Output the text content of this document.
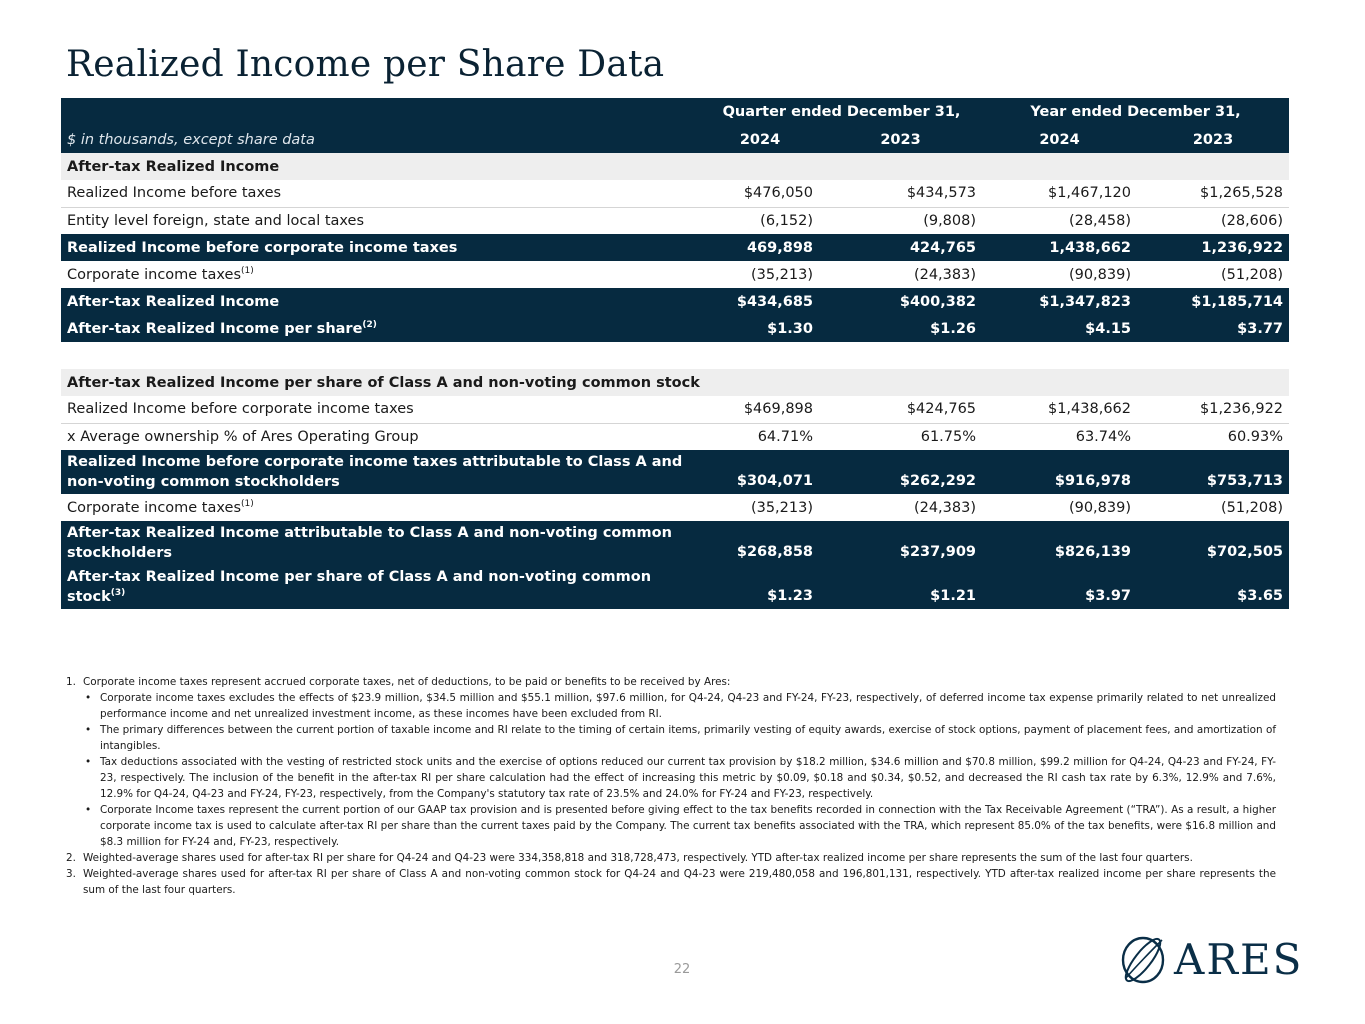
Realized Income per Share Data
	Quarter ended December 31,		Year ended December 31,	
$ in thousands, except share data	2024	2023	2024	2023
After-tax Realized Income				
Realized Income before taxes	$476,050	$434,573	$1,467,120	$1,265,528
Entity level foreign, state and local taxes	(6,152)	(9,808)	(28,458)	(28,606)
Realized Income before corporate income taxes	469,898	424,765	1,438,662	1,236,922
Corporate income taxes$^{(1)}$	(35,213)	(24,383)	(90,839)	(51,208)
After-tax Realized Income	$434,685	$400,382	$1,347,823	$1,185,714
After-tax Realized Income per share$^{(2)}$	$1.30	$1.26	$4.15	$3.77

After-tax Realized Income per share of Class A and non-voting common stock				
Realized Income before corporate income taxes	$469,898	$424,765	$1,438,662	$1,236,922
x Average ownership % of Ares Operating Group	64.71%	61.75%	63.74%	60.93%
Realized Income before corporate income taxes attributable to Class A and non-voting common stockholders	$304,071	$262,292	$916,978	$753,713
Corporate income taxes$^{(1)}$	(35,213)	(24,383)	(90,839)	(51,208)
After-tax Realized Income attributable to Class A and non-voting common stockholders	$268,858	$237,909	$826,139	$702,505
After-tax Realized Income per share of Class A and non-voting common stock$^{(3)}$	$1.23	$1.21	$3.97	$3.65
1. Corporate income taxes represent accrued corporate taxes, net of deductions, to be paid or benefits to be received by Ares:
• Corporate income taxes excludes the effects of $23.9 million, $34.5 million and $55.1 million, $97.6 million, for Q4-24, Q4-23 and FY-24, FY-23, respectively, of deferred income tax expense primarily related to net unrealized performance income and net unrealized investment income, as these incomes have been excluded from RI.
• The primary differences between the current portion of taxable income and RI relate to the timing of certain items, primarily vesting of equity awards, exercise of stock options, payment of placement fees, and amortization of intangibles.
• Tax deductions associated with the vesting of restricted stock units and the exercise of options reduced our current tax provision by $18.2 million, $34.6 million and $70.8 million, $99.2 million for Q4-24, Q4-23 and FY-24, FY-23, respectively. The inclusion of the benefit in the after-tax RI per share calculation had the effect of increasing this metric by $0.09, $0.18 and $0.34, $0.52, and decreased the RI cash tax rate by 6.3%, 12.9% and 7.6%, 12.9% for Q4-24, Q4-23 and FY-24, FY-23, respectively, from the Company's statutory tax rate of 23.5% and 24.0% for FY-24 and FY-23, respectively.
• Corporate Income taxes represent the current portion of our GAAP tax provision and is presented before giving effect to the tax benefits recorded in connection with the Tax Receivable Agreement (“TRA”). As a result, a higher corporate income tax is used to calculate after-tax RI per share than the current taxes paid by the Company. The current tax benefits associated with the TRA, which represent 85.0% of the tax benefits, were $16.8 million and $8.3 million for FY-24 and, FY-23, respectively.
2. Weighted-average shares used for after-tax RI per share for Q4-24 and Q4-23 were 334,358,818 and 318,728,473, respectively. YTD after-tax realized income per share represents the sum of the last four quarters.
3. Weighted-average shares used for after-tax RI per share of Class A and non-voting common stock for Q4-24 and Q4-23 were 219,480,058 and 196,801,131, respectively. YTD after-tax realized income per share represents the sum of the last four quarters.
22	ARES
